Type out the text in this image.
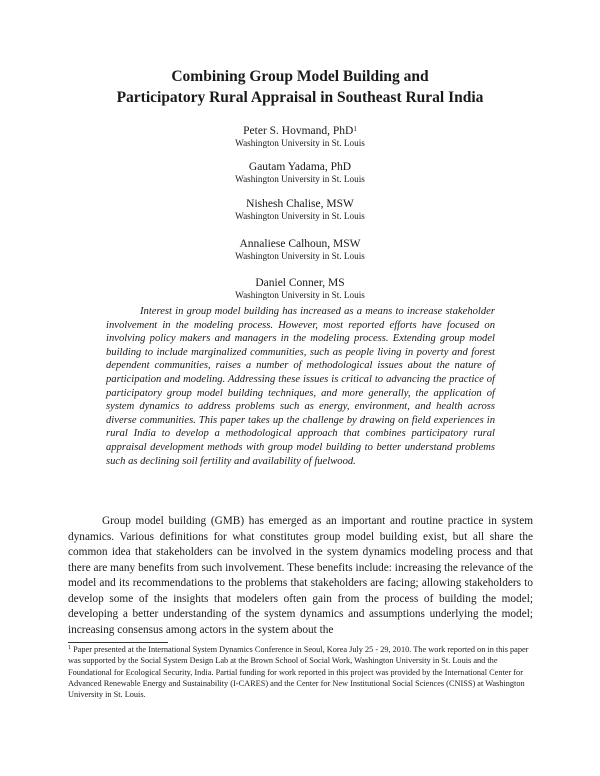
Combining Group Model Building and
Participatory Rural Appraisal in Southeast Rural India
Peter S. Hovmand, PhD$^1$
Washington University in St. Louis
Gautam Yadama, PhD
Washington University in St. Louis
Nishesh Chalise, MSW
Washington University in St. Louis
Annaliese Calhoun, MSW
Washington University in St. Louis
Daniel Conner, MS
Washington University in St. Louis

Interest in group model building has increased as a means to increase stakeholder involvement in the modeling process. However, most reported efforts have focused on involving policy makers and managers in the modeling process. Extending group model building to include marginalized communities, such as people living in poverty and forest dependent communities, raises a number of methodological issues about the nature of participation and modeling. Addressing these issues is critical to advancing the practice of participatory group model building techniques, and more generally, the application of system dynamics to address problems such as energy, environment, and health across diverse communities. This paper takes up the challenge by drawing on field experiences in rural India to develop a methodological approach that combines participatory rural appraisal development methods with group model building to better understand problems such as declining soil fertility and availability of fuelwood.

Group model building (GMB) has emerged as an important and routine practice in system dynamics. Various definitions for what constitutes group model building exist, but all share the common idea that stakeholders can be involved in the system dynamics modeling process and that there are many benefits from such involvement. These benefits include: increasing the relevance of the model and its recommendations to the problems that stakeholders are facing; allowing stakeholders to develop some of the insights that modelers often gain from the process of building the model; developing a better understanding of the system dynamics and assumptions underlying the model; increasing consensus among actors in the system about the

$^1$ Paper presented at the International System Dynamics Conference in Seoul, Korea July 25 - 29, 2010. The work reported on in this paper was supported by the Social System Design Lab at the Brown School of Social Work, Washington University in St. Louis and the Foundational for Ecological Security, India. Partial funding for work reported in this project was provided by the International Center for Advanced Renewable Energy and Sustainability (I-CARES) and the Center for New Institutional Social Sciences (CNISS) at Washington University in St. Louis.
